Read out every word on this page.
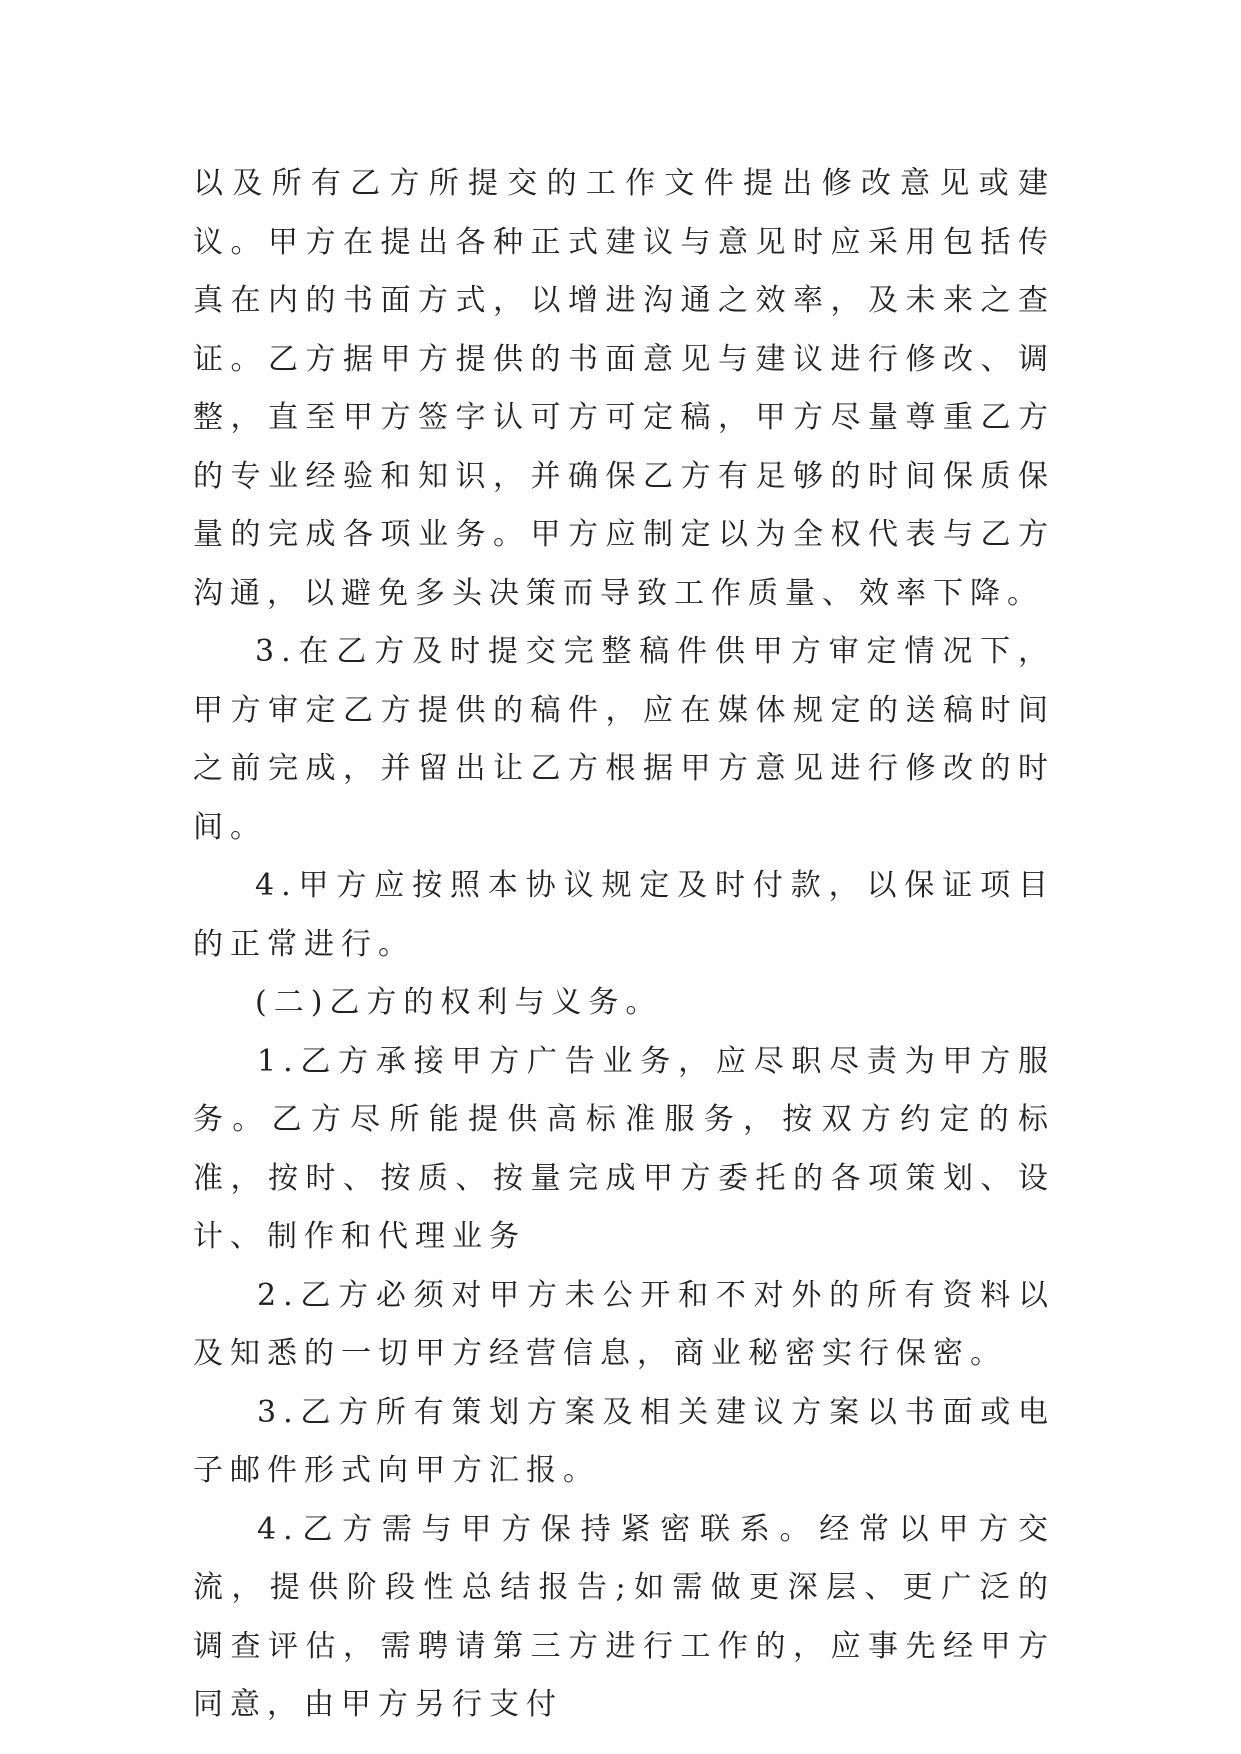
以及所有乙方所提交的工作文件提出修改意见或建议。甲方在提出各种正式建议与意见时应采用包括传真在内的书面方式，以增进沟通之效率，及未来之查证。乙方据甲方提供的书面意见与建议进行修改、调整，直至甲方签字认可方可定稿，甲方尽量尊重乙方的专业经验和知识，并确保乙方有足够的时间保质保量的完成各项业务。甲方应制定以为全权代表与乙方沟通，以避免多头决策而导致工作质量、效率下降。

3.在乙方及时提交完整稿件供甲方审定情况下，甲方审定乙方提供的稿件，应在媒体规定的送稿时间之前完成，并留出让乙方根据甲方意见进行修改的时间。

4.甲方应按照本协议规定及时付款，以保证项目的正常进行。

(二)乙方的权利与义务。

1.乙方承接甲方广告业务，应尽职尽责为甲方服务。乙方尽所能提供高标准服务，按双方约定的标准，按时、按质、按量完成甲方委托的各项策划、设计、制作和代理业务

2.乙方必须对甲方未公开和不对外的所有资料以及知悉的一切甲方经营信息，商业秘密实行保密。

3.乙方所有策划方案及相关建议方案以书面或电子邮件形式向甲方汇报。

4.乙方需与甲方保持紧密联系。经常以甲方交流，提供阶段性总结报告;如需做更深层、更广泛的调查评估，需聘请第三方进行工作的，应事先经甲方同意，由甲方另行支付
